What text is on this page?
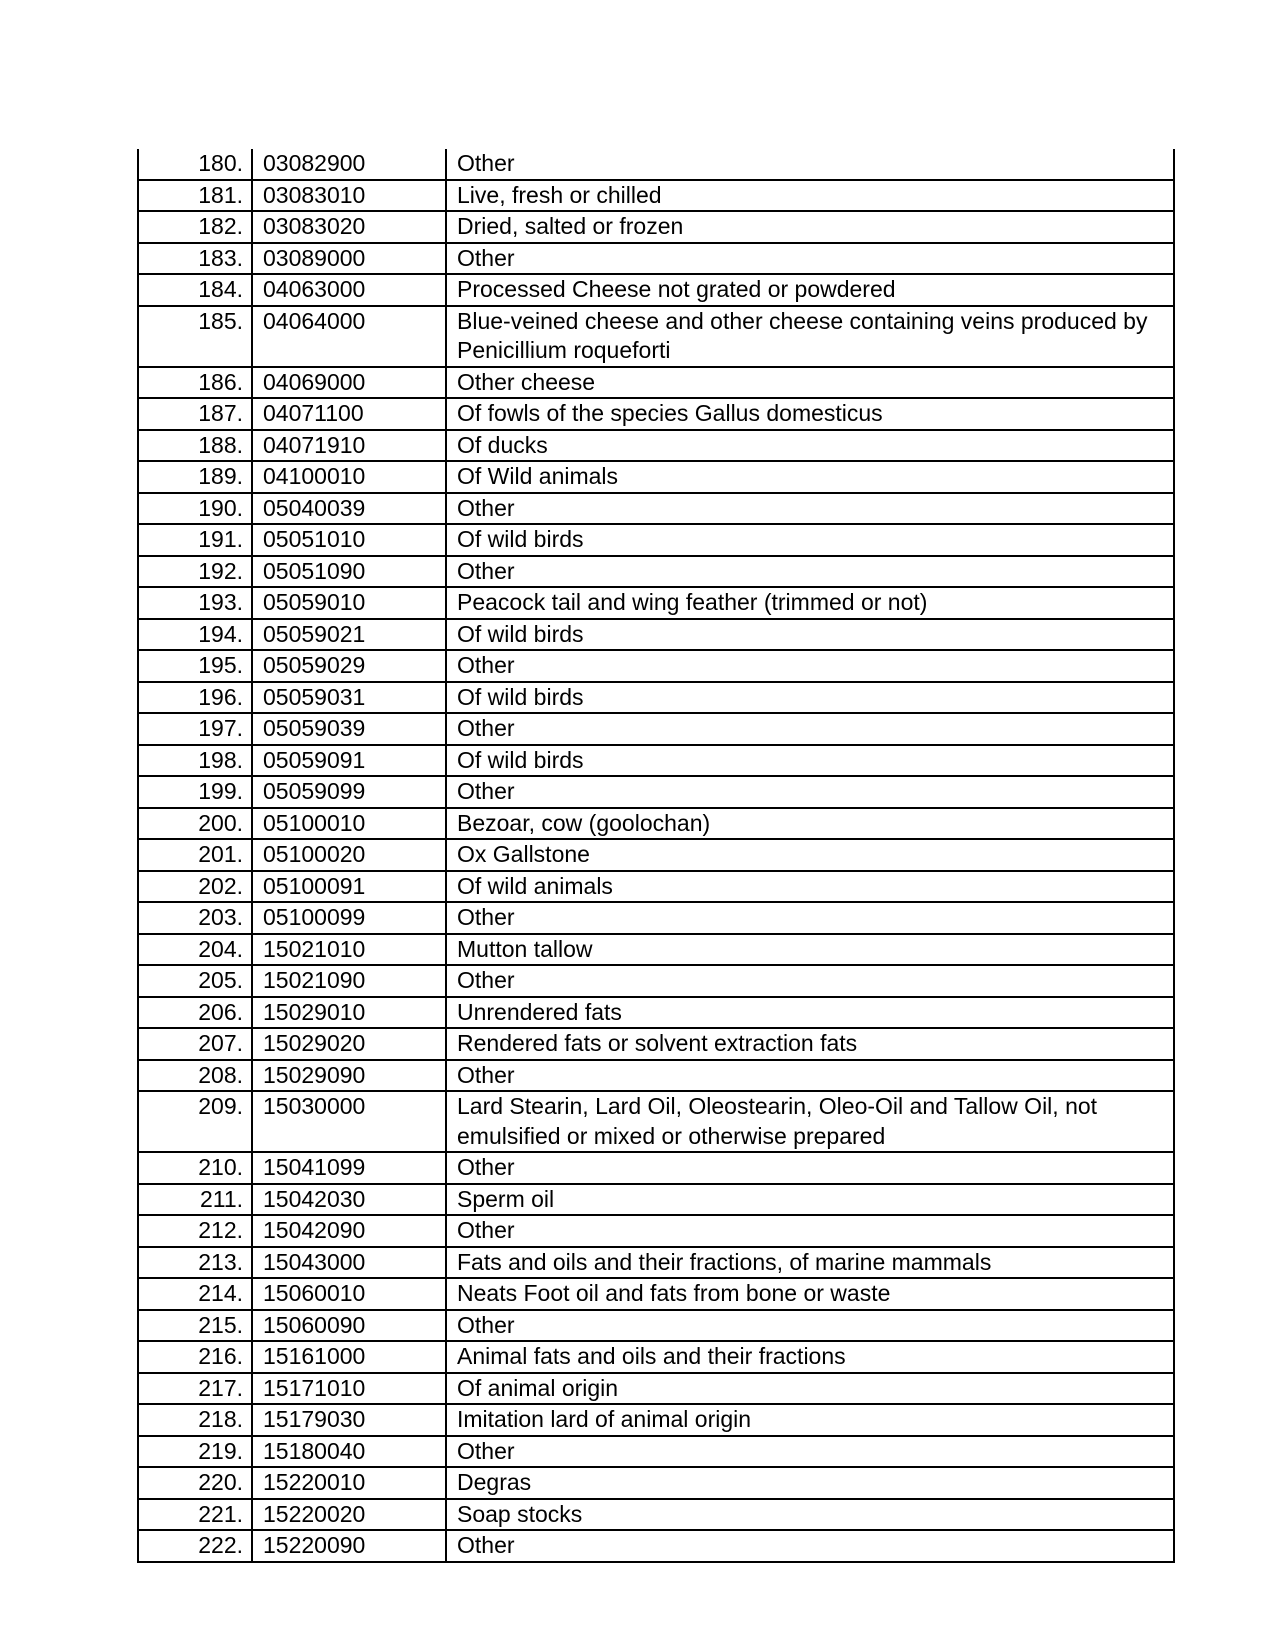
180.	03082900	Other
181.	03083010	Live, fresh or chilled
182.	03083020	Dried, salted or frozen
183.	03089000	Other
184.	04063000	Processed Cheese not grated or powdered
185.	04064000	Blue-veined cheese and other cheese containing veins produced by Penicillium roqueforti
186.	04069000	Other cheese
187.	04071100	Of fowls of the species Gallus domesticus
188.	04071910	Of ducks
189.	04100010	Of Wild animals
190.	05040039	Other
191.	05051010	Of wild birds
192.	05051090	Other
193.	05059010	Peacock tail and wing feather (trimmed or not)
194.	05059021	Of wild birds
195.	05059029	Other
196.	05059031	Of wild birds
197.	05059039	Other
198.	05059091	Of wild birds
199.	05059099	Other
200.	05100010	Bezoar, cow (goolochan)
201.	05100020	Ox Gallstone
202.	05100091	Of wild animals
203.	05100099	Other
204.	15021010	Mutton tallow
205.	15021090	Other
206.	15029010	Unrendered fats
207.	15029020	Rendered fats or solvent extraction fats
208.	15029090	Other
209.	15030000	Lard Stearin, Lard Oil, Oleostearin, Oleo-Oil and Tallow Oil, not emulsified or mixed or otherwise prepared
210.	15041099	Other
211.	15042030	Sperm oil
212.	15042090	Other
213.	15043000	Fats and oils and their fractions, of marine mammals
214.	15060010	Neats Foot oil and fats from bone or waste
215.	15060090	Other
216.	15161000	Animal fats and oils and their fractions
217.	15171010	Of animal origin
218.	15179030	Imitation lard of animal origin
219.	15180040	Other
220.	15220010	Degras
221.	15220020	Soap stocks
222.	15220090	Other
